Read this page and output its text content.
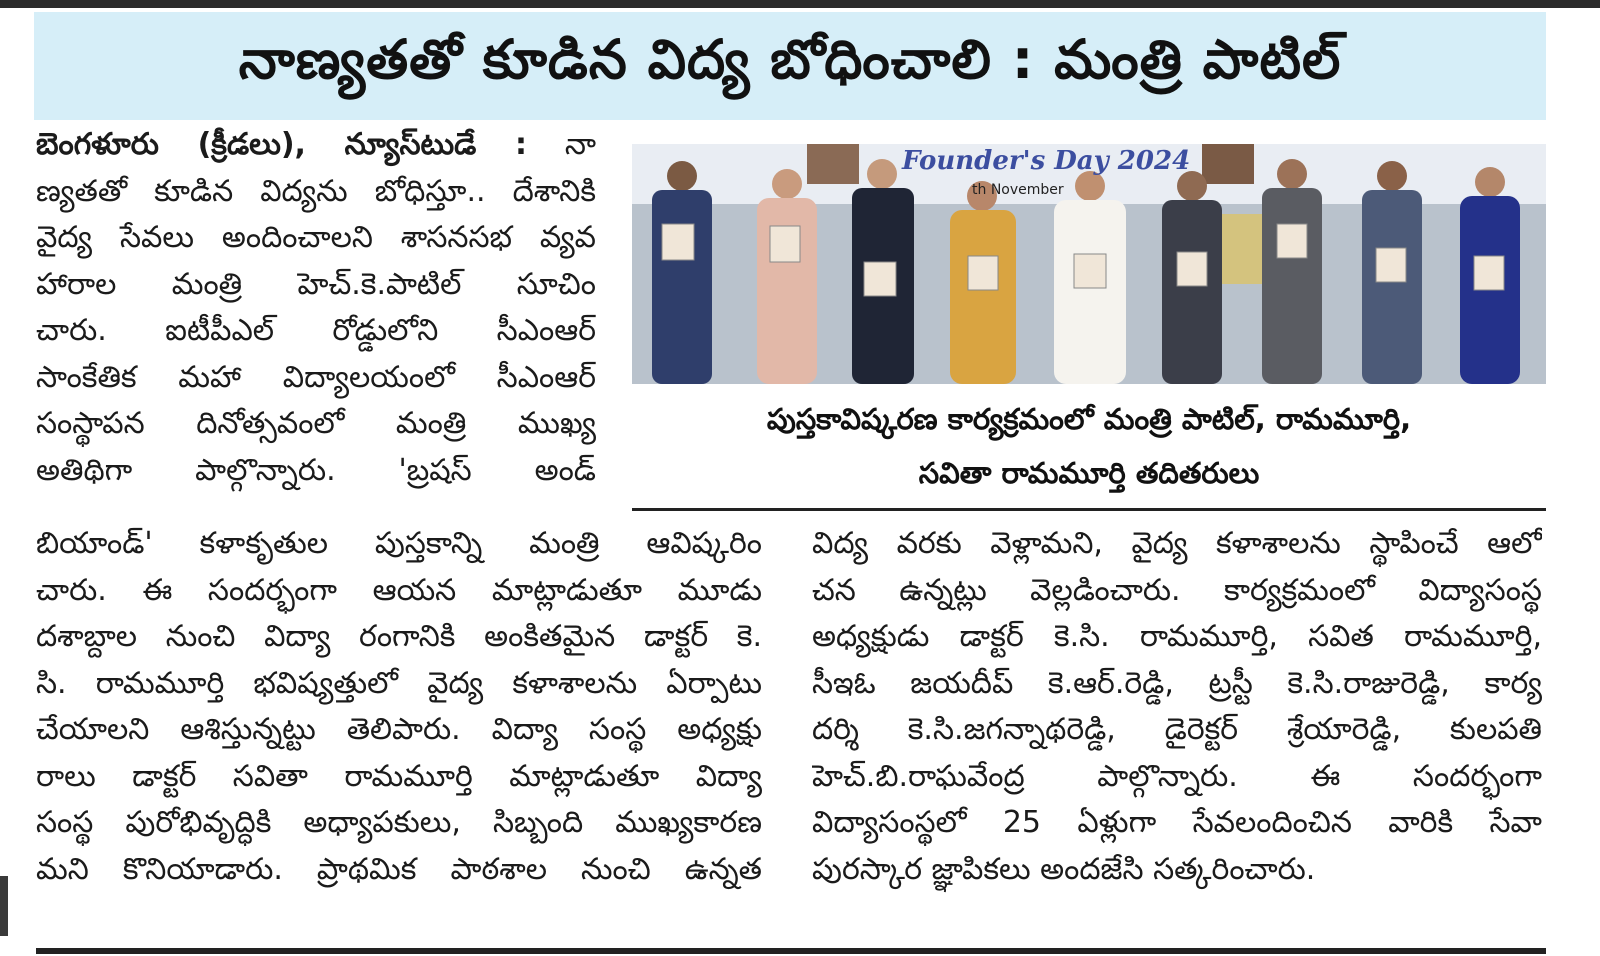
నాణ్యతతో కూడిన విద్య బోధించాలి : మంత్రి పాటిల్
బెంగళూరు (క్రీడలు), న్యూస్‌టుడే : నా
ణ్యతతో కూడిన విద్యను బోధిస్తూ.. దేశానికి
వైద్య సేవలు అందించాలని శాసనసభ వ్యవ
హారాల మంత్రి హెచ్.కె.పాటిల్ సూచిం
చారు. ఐటీపీఎల్ రోడ్డులోని సీఎంఆర్
సాంకేతిక మహా విద్యాలయంలో సీఎంఆర్
సంస్థాపన దినోత్సవంలో మంత్రి ముఖ్య
అతిథిగా పాల్గొన్నారు. 'బ్రషస్ అండ్
Founder's Day 2024
th November
పుస్తకావిష్కరణ కార్యక్రమంలో మంత్రి పాటిల్, రామమూర్తి,
సవితా రామమూర్తి తదితరులు
బియాండ్' కళాకృతుల పుస్తకాన్ని మంత్రి ఆవిష్కరిం
చారు. ఈ సందర్భంగా ఆయన మాట్లాడుతూ మూడు
దశాబ్దాల నుంచి విద్యా రంగానికి అంకితమైన డాక్టర్ కె.
సి. రామమూర్తి భవిష్యత్తులో వైద్య కళాశాలను ఏర్పాటు
చేయాలని ఆశిస్తున్నట్టు తెలిపారు. విద్యా సంస్థ అధ్యక్షు
రాలు డాక్టర్ సవితా రామమూర్తి మాట్లాడుతూ విద్యా
సంస్థ పురోభివృద్ధికి అధ్యాపకులు, సిబ్బంది ముఖ్యకారణ
మని కొనియాడారు. ప్రాథమిక పాఠశాల నుంచి ఉన్నత
విద్య వరకు వెళ్లామని, వైద్య కళాశాలను స్థాపించే ఆలో
చన ఉన్నట్లు వెల్లడించారు. కార్యక్రమంలో విద్యాసంస్థ
అధ్యక్షుడు డాక్టర్ కె.సి. రామమూర్తి, సవిత రామమూర్తి,
సీఇఓ జయదీప్ కె.ఆర్.రెడ్డి, ట్రస్టీ కె.సి.రాజురెడ్డి, కార్య
దర్శి కె.సి.జగన్నాథరెడ్డి, డైరెక్టర్ శ్రేయారెడ్డి, కులపతి
హెచ్.బి.రాఘవేంద్ర పాల్గొన్నారు. ఈ సందర్భంగా
విద్యాసంస్థలో 25 ఏళ్లుగా సేవలందించిన వారికి సేవా
పురస్కార జ్ఞాపికలు అందజేసి సత్కరించారు.
